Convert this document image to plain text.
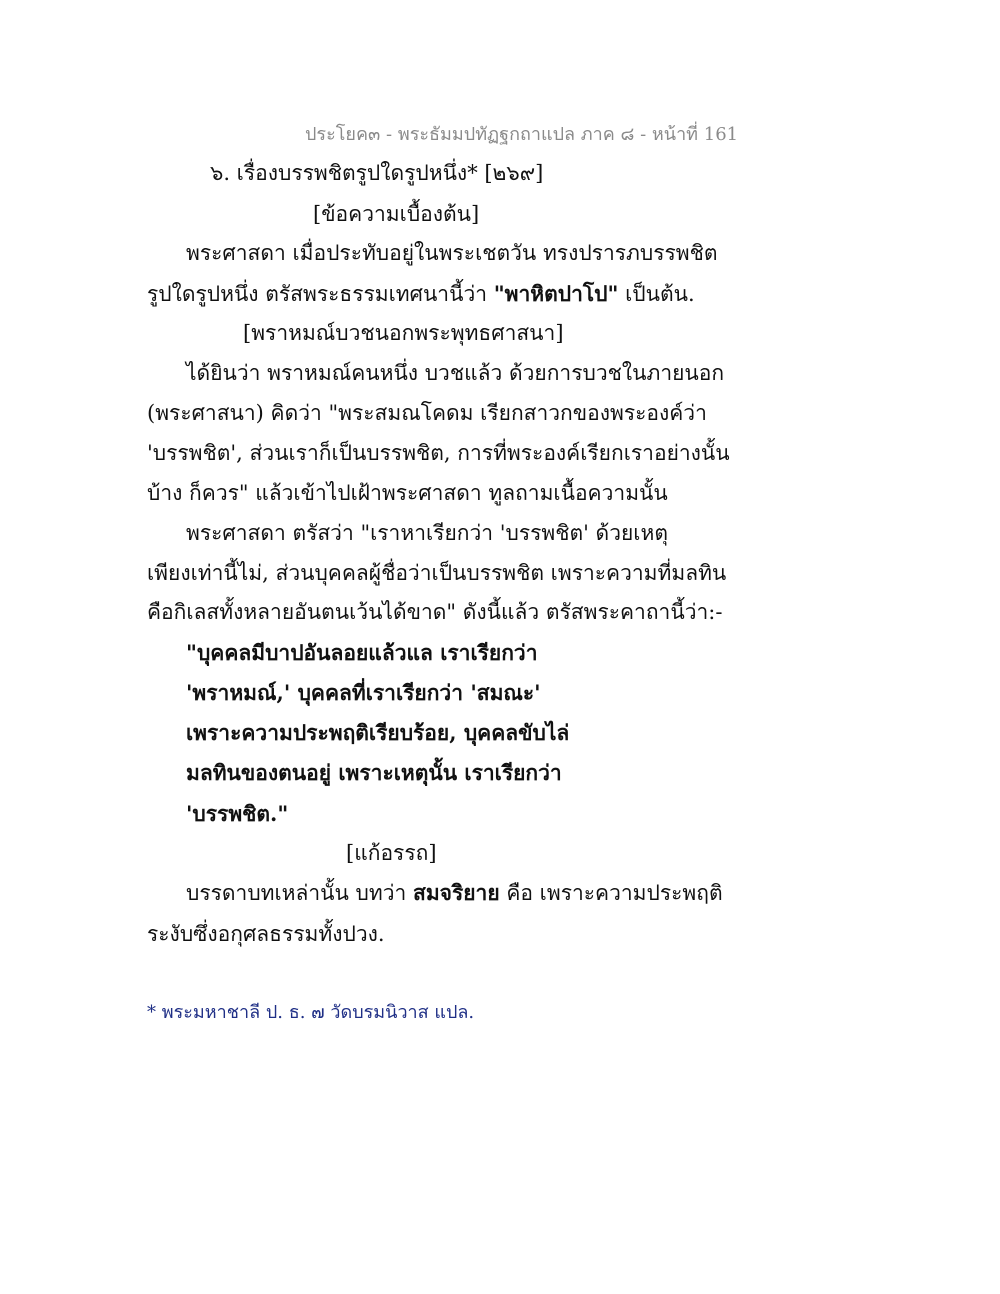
ประโยค๓ - พระธัมมปทัฏฐกถาแปล ภาค ๘ - หน้าที่ 161
๖. เรื่องบรรพชิตรูปใดรูปหนึ่ง* [๒๖๙]
[ข้อความเบื้องต้น]
พระศาสดา เมื่อประทับอยู่ในพระเชตวัน ทรงปรารภบรรพชิต
รูปใดรูปหนึ่ง ตรัสพระธรรมเทศนานี้ว่า "พาหิตปาโป" เป็นต้น.
[พราหมณ์บวชนอกพระพุทธศาสนา]
ได้ยินว่า พราหมณ์คนหนึ่ง บวชแล้ว ด้วยการบวชในภายนอก
(พระศาสนา) คิดว่า "พระสมณโคดม เรียกสาวกของพระองค์ว่า
'บรรพชิต', ส่วนเราก็เป็นบรรพชิต, การที่พระองค์เรียกเราอย่างนั้น
บ้าง ก็ควร" แล้วเข้าไปเฝ้าพระศาสดา ทูลถามเนื้อความนั้น
พระศาสดา ตรัสว่า "เราหาเรียกว่า 'บรรพชิต' ด้วยเหตุ
เพียงเท่านี้ไม่, ส่วนบุคคลผู้ชื่อว่าเป็นบรรพชิต เพราะความที่มลทิน
คือกิเลสทั้งหลายอันตนเว้นได้ขาด" ดังนี้แล้ว ตรัสพระคาถานี้ว่า:-
"บุคคลมีบาปอันลอยแล้วแล เราเรียกว่า
'พราหมณ์,' บุคคลที่เราเรียกว่า 'สมณะ'
เพราะความประพฤติเรียบร้อย, บุคคลขับไล่
มลทินของตนอยู่ เพราะเหตุนั้น เราเรียกว่า
'บรรพชิต."
[แก้อรรถ]
บรรดาบทเหล่านั้น บทว่า สมจริยาย คือ เพราะความประพฤติ
ระงับซึ่งอกุศลธรรมทั้งปวง.
* พระมหาชาลี ป. ธ. ๗ วัดบรมนิวาส แปล.
